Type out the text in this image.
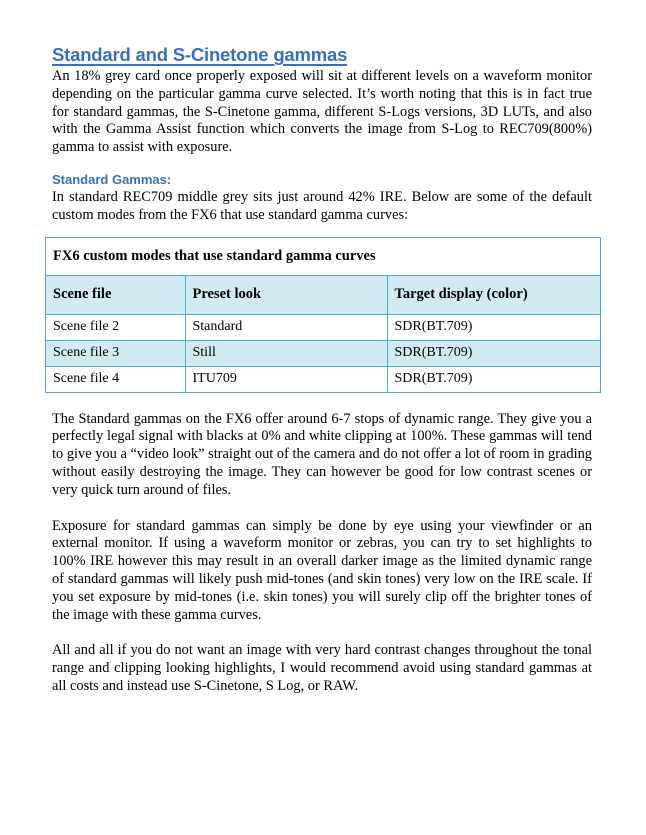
Standard and S-Cinetone gammas

An 18% grey card once properly exposed will sit at different levels on a waveform monitor depending on the particular gamma curve selected. It’s worth noting that this is in fact true for standard gammas, the S-Cinetone gamma, different S-Logs versions, 3D LUTs, and also with the Gamma Assist function which converts the image from S-Log to REC709(800%) gamma to assist with exposure.

Standard Gammas:

In standard REC709 middle grey sits just around 42% IRE. Below are some of the default custom modes from the FX6 that use standard gamma curves:

FX6 custom modes that use standard gamma curves		
Scene file	Preset look	Target display (color)
Scene file 2	Standard	SDR(BT.709)
Scene file 3	Still	SDR(BT.709)
Scene file 4	ITU709	SDR(BT.709)

The Standard gammas on the FX6 offer around 6-7 stops of dynamic range. They give you a perfectly legal signal with blacks at 0% and white clipping at 100%. These gammas will tend to give you a “video look” straight out of the camera and do not offer a lot of room in grading without easily destroying the image. They can however be good for low contrast scenes or very quick turn around of files.

Exposure for standard gammas can simply be done by eye using your viewfinder or an external monitor. If using a waveform monitor or zebras, you can try to set highlights to 100% IRE however this may result in an overall darker image as the limited dynamic range of standard gammas will likely push mid-tones (and skin tones) very low on the IRE scale. If you set exposure by mid-tones (i.e. skin tones) you will surely clip off the brighter tones of the image with these gamma curves.

All and all if you do not want an image with very hard contrast changes throughout the tonal range and clipping looking highlights, I would recommend avoid using standard gammas at all costs and instead use S-Cinetone, S Log, or RAW.
